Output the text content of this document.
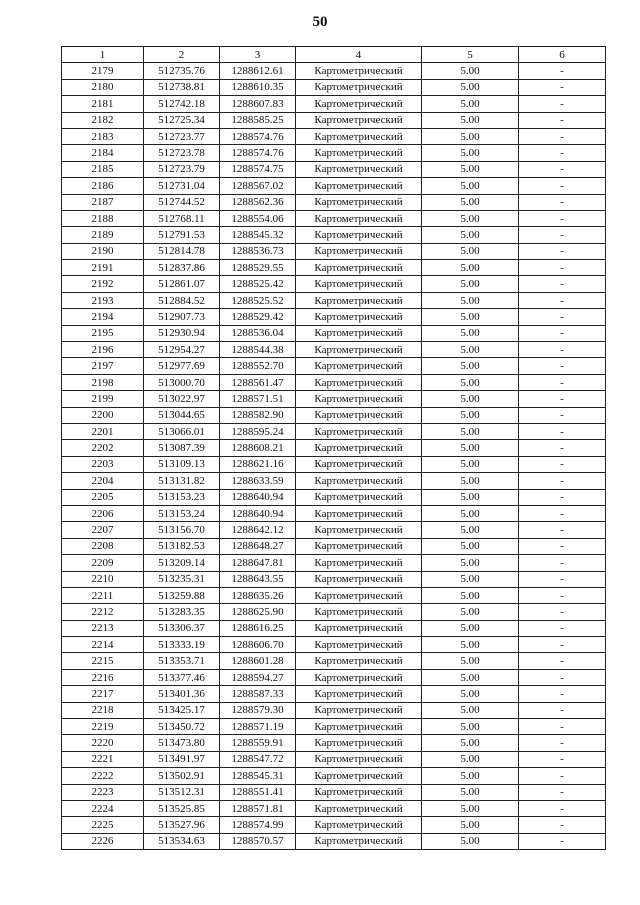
50
1	2	3	4	5	6
2179	512735.76	1288612.61	Картометрический	5.00	-
2180	512738.81	1288610.35	Картометрический	5.00	-
2181	512742.18	1288607.83	Картометрический	5.00	-
2182	512725.34	1288585.25	Картометрический	5.00	-
2183	512723.77	1288574.76	Картометрический	5.00	-
2184	512723.78	1288574.76	Картометрический	5.00	-
2185	512723.79	1288574.75	Картометрический	5.00	-
2186	512731.04	1288567.02	Картометрический	5.00	-
2187	512744.52	1288562.36	Картометрический	5.00	-
2188	512768.11	1288554.06	Картометрический	5.00	-
2189	512791.53	1288545.32	Картометрический	5.00	-
2190	512814.78	1288536.73	Картометрический	5.00	-
2191	512837.86	1288529.55	Картометрический	5.00	-
2192	512861.07	1288525.42	Картометрический	5.00	-
2193	512884.52	1288525.52	Картометрический	5.00	-
2194	512907.73	1288529.42	Картометрический	5.00	-
2195	512930.94	1288536.04	Картометрический	5.00	-
2196	512954.27	1288544.38	Картометрический	5.00	-
2197	512977.69	1288552.70	Картометрический	5.00	-
2198	513000.70	1288561.47	Картометрический	5.00	-
2199	513022.97	1288571.51	Картометрический	5.00	-
2200	513044.65	1288582.90	Картометрический	5.00	-
2201	513066.01	1288595.24	Картометрический	5.00	-
2202	513087.39	1288608.21	Картометрический	5.00	-
2203	513109.13	1288621.16	Картометрический	5.00	-
2204	513131.82	1288633.59	Картометрический	5.00	-
2205	513153.23	1288640.94	Картометрический	5.00	-
2206	513153.24	1288640.94	Картометрический	5.00	-
2207	513156.70	1288642.12	Картометрический	5.00	-
2208	513182.53	1288648.27	Картометрический	5.00	-
2209	513209.14	1288647.81	Картометрический	5.00	-
2210	513235.31	1288643.55	Картометрический	5.00	-
2211	513259.88	1288635.26	Картометрический	5.00	-
2212	513283.35	1288625.90	Картометрический	5.00	-
2213	513306.37	1288616.25	Картометрический	5.00	-
2214	513333.19	1288606.70	Картометрический	5.00	-
2215	513353.71	1288601.28	Картометрический	5.00	-
2216	513377.46	1288594.27	Картометрический	5.00	-
2217	513401.36	1288587.33	Картометрический	5.00	-
2218	513425.17	1288579.30	Картометрический	5.00	-
2219	513450.72	1288571.19	Картометрический	5.00	-
2220	513473.80	1288559.91	Картометрический	5.00	-
2221	513491.97	1288547.72	Картометрический	5.00	-
2222	513502.91	1288545.31	Картометрический	5.00	-
2223	513512.31	1288551.41	Картометрический	5.00	-
2224	513525.85	1288571.81	Картометрический	5.00	-
2225	513527.96	1288574.99	Картометрический	5.00	-
2226	513534.63	1288570.57	Картометрический	5.00	-
